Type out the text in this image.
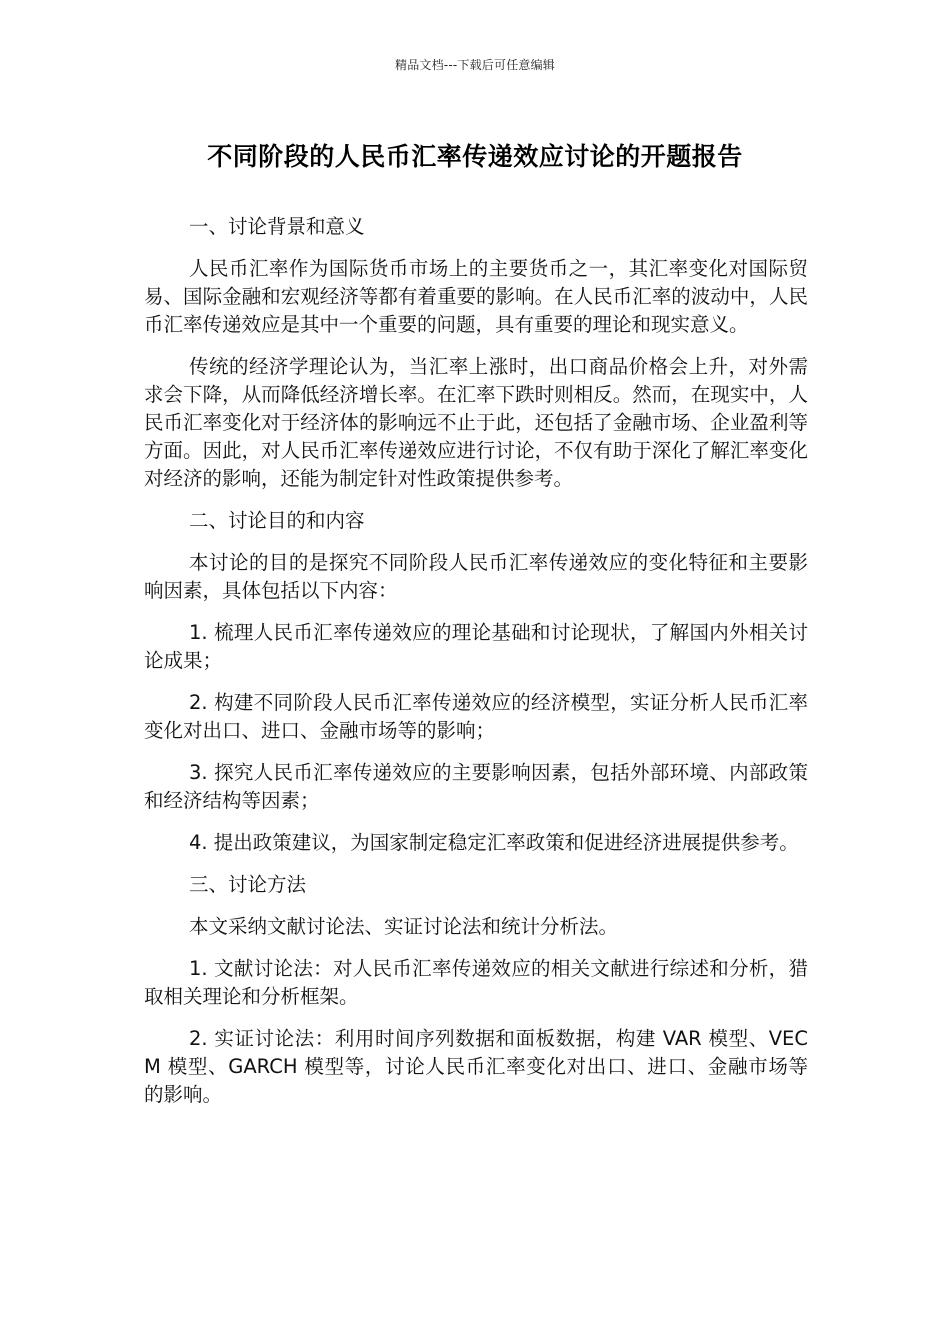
精品文档---下载后可任意编辑
不同阶段的人民币汇率传递效应讨论的开题报告

一、讨论背景和意义

人民币汇率作为国际货币市场上的主要货币之一，其汇率变化对国际贸易、国际金融和宏观经济等都有着重要的影响。在人民币汇率的波动中，人民币汇率传递效应是其中一个重要的问题，具有重要的理论和现实意义。

传统的经济学理论认为，当汇率上涨时，出口商品价格会上升，对外需求会下降，从而降低经济增长率。在汇率下跌时则相反。然而，在现实中，人民币汇率变化对于经济体的影响远不止于此，还包括了金融市场、企业盈利等方面。因此，对人民币汇率传递效应进行讨论，不仅有助于深化了解汇率变化对经济的影响，还能为制定针对性政策提供参考。

二、讨论目的和内容

本讨论的目的是探究不同阶段人民币汇率传递效应的变化特征和主要影响因素，具体包括以下内容：

1. 梳理人民币汇率传递效应的理论基础和讨论现状，了解国内外相关讨论成果；

2. 构建不同阶段人民币汇率传递效应的经济模型，实证分析人民币汇率变化对出口、进口、金融市场等的影响；

3. 探究人民币汇率传递效应的主要影响因素，包括外部环境、内部政策和经济结构等因素；

4. 提出政策建议，为国家制定稳定汇率政策和促进经济进展提供参考。

三、讨论方法

本文采纳文献讨论法、实证讨论法和统计分析法。

1. 文献讨论法：对人民币汇率传递效应的相关文献进行综述和分析，猎取相关理论和分析框架。

2. 实证讨论法：利用时间序列数据和面板数据，构建 VAR 模型、VECM 模型、GARCH 模型等，讨论人民币汇率变化对出口、进口、金融市场等的影响。
